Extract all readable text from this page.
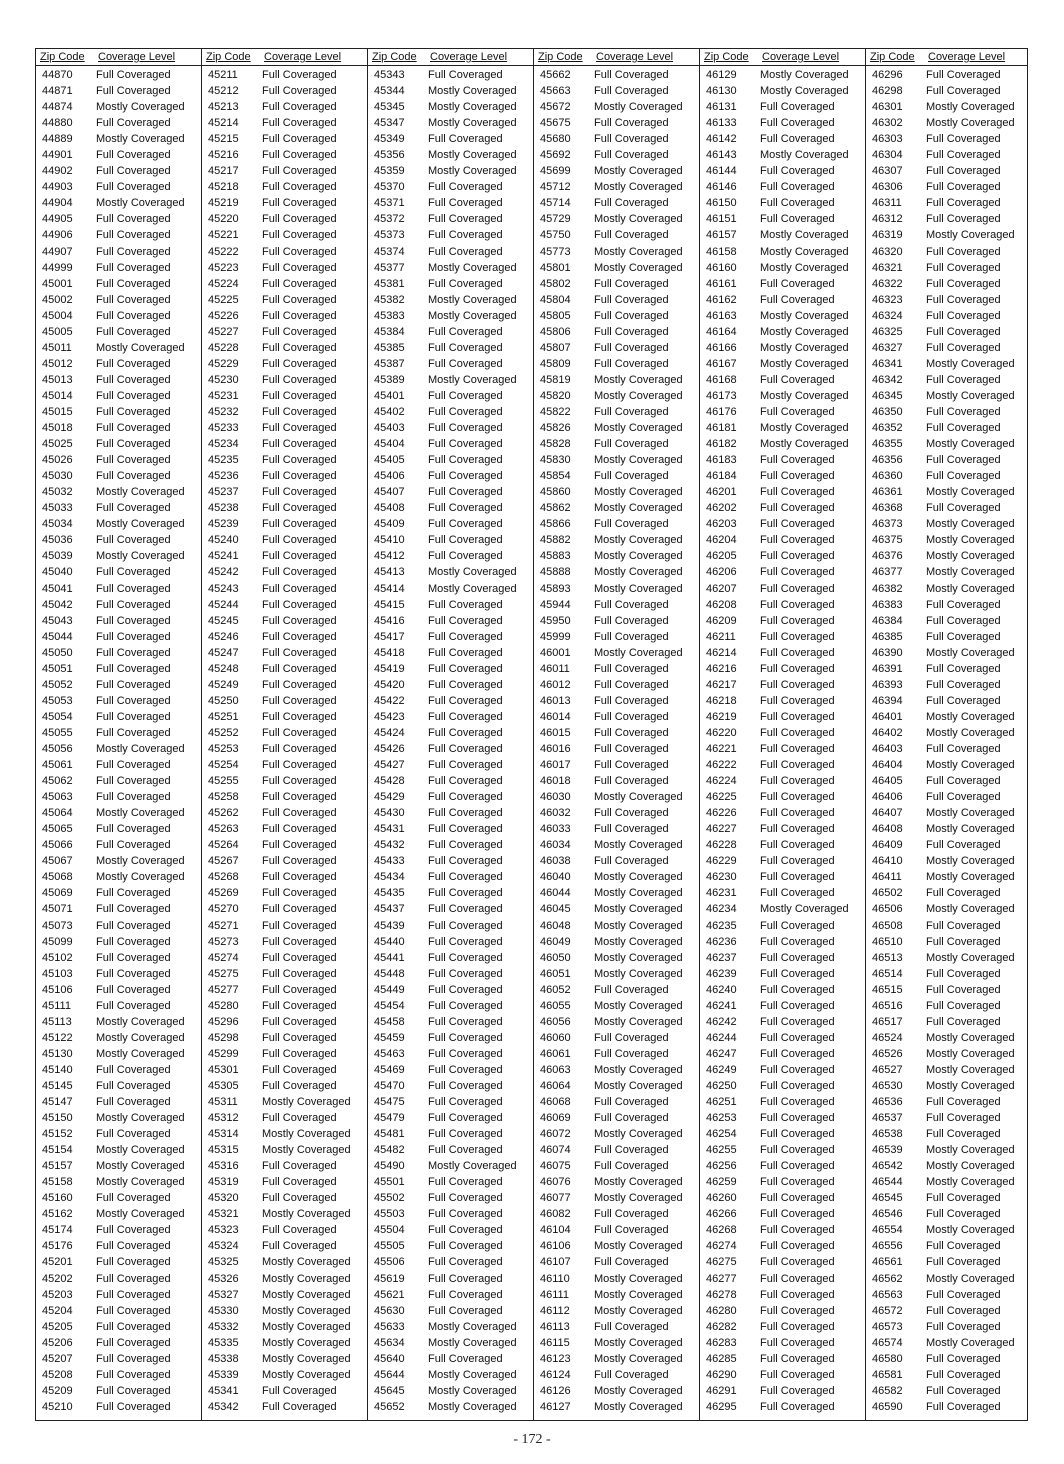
Zip Code	Coverage Level
44870	Full Coveraged
44871	Full Coveraged
44874	Mostly Coveraged
44880	Full Coveraged
44889	Mostly Coveraged
44901	Full Coveraged
44902	Full Coveraged
44903	Full Coveraged
44904	Mostly Coveraged
44905	Full Coveraged
44906	Full Coveraged
44907	Full Coveraged
44999	Full Coveraged
45001	Full Coveraged
45002	Full Coveraged
45004	Full Coveraged
45005	Full Coveraged
45011	Mostly Coveraged
45012	Full Coveraged
45013	Full Coveraged
45014	Full Coveraged
45015	Full Coveraged
45018	Full Coveraged
45025	Full Coveraged
45026	Full Coveraged
45030	Full Coveraged
45032	Mostly Coveraged
45033	Full Coveraged
45034	Mostly Coveraged
45036	Full Coveraged
45039	Mostly Coveraged
45040	Full Coveraged
45041	Full Coveraged
45042	Full Coveraged
45043	Full Coveraged
45044	Full Coveraged
45050	Full Coveraged
45051	Full Coveraged
45052	Full Coveraged
45053	Full Coveraged
45054	Full Coveraged
45055	Full Coveraged
45056	Mostly Coveraged
45061	Full Coveraged
45062	Full Coveraged
45063	Full Coveraged
45064	Mostly Coveraged
45065	Full Coveraged
45066	Full Coveraged
45067	Mostly Coveraged
45068	Mostly Coveraged
45069	Full Coveraged
45071	Full Coveraged
45073	Full Coveraged
45099	Full Coveraged
45102	Full Coveraged
45103	Full Coveraged
45106	Full Coveraged
45111	Full Coveraged
45113	Mostly Coveraged
45122	Mostly Coveraged
45130	Mostly Coveraged
45140	Full Coveraged
45145	Full Coveraged
45147	Full Coveraged
45150	Mostly Coveraged
45152	Full Coveraged
45154	Mostly Coveraged
45157	Mostly Coveraged
45158	Mostly Coveraged
45160	Full Coveraged
45162	Mostly Coveraged
45174	Full Coveraged
45176	Full Coveraged
45201	Full Coveraged
45202	Full Coveraged
45203	Full Coveraged
45204	Full Coveraged
45205	Full Coveraged
45206	Full Coveraged
45207	Full Coveraged
45208	Full Coveraged
45209	Full Coveraged
45210	Full Coveraged
Zip Code	Coverage Level
45211	Full Coveraged
45212	Full Coveraged
45213	Full Coveraged
45214	Full Coveraged
45215	Full Coveraged
45216	Full Coveraged
45217	Full Coveraged
45218	Full Coveraged
45219	Full Coveraged
45220	Full Coveraged
45221	Full Coveraged
45222	Full Coveraged
45223	Full Coveraged
45224	Full Coveraged
45225	Full Coveraged
45226	Full Coveraged
45227	Full Coveraged
45228	Full Coveraged
45229	Full Coveraged
45230	Full Coveraged
45231	Full Coveraged
45232	Full Coveraged
45233	Full Coveraged
45234	Full Coveraged
45235	Full Coveraged
45236	Full Coveraged
45237	Full Coveraged
45238	Full Coveraged
45239	Full Coveraged
45240	Full Coveraged
45241	Full Coveraged
45242	Full Coveraged
45243	Full Coveraged
45244	Full Coveraged
45245	Full Coveraged
45246	Full Coveraged
45247	Full Coveraged
45248	Full Coveraged
45249	Full Coveraged
45250	Full Coveraged
45251	Full Coveraged
45252	Full Coveraged
45253	Full Coveraged
45254	Full Coveraged
45255	Full Coveraged
45258	Full Coveraged
45262	Full Coveraged
45263	Full Coveraged
45264	Full Coveraged
45267	Full Coveraged
45268	Full Coveraged
45269	Full Coveraged
45270	Full Coveraged
45271	Full Coveraged
45273	Full Coveraged
45274	Full Coveraged
45275	Full Coveraged
45277	Full Coveraged
45280	Full Coveraged
45296	Full Coveraged
45298	Full Coveraged
45299	Full Coveraged
45301	Full Coveraged
45305	Full Coveraged
45311	Mostly Coveraged
45312	Full Coveraged
45314	Mostly Coveraged
45315	Mostly Coveraged
45316	Full Coveraged
45319	Full Coveraged
45320	Full Coveraged
45321	Mostly Coveraged
45323	Full Coveraged
45324	Full Coveraged
45325	Mostly Coveraged
45326	Mostly Coveraged
45327	Mostly Coveraged
45330	Mostly Coveraged
45332	Mostly Coveraged
45335	Mostly Coveraged
45338	Mostly Coveraged
45339	Mostly Coveraged
45341	Full Coveraged
45342	Full Coveraged
Zip Code	Coverage Level
45343	Full Coveraged
45344	Mostly Coveraged
45345	Mostly Coveraged
45347	Mostly Coveraged
45349	Full Coveraged
45356	Mostly Coveraged
45359	Mostly Coveraged
45370	Full Coveraged
45371	Full Coveraged
45372	Full Coveraged
45373	Full Coveraged
45374	Full Coveraged
45377	Mostly Coveraged
45381	Full Coveraged
45382	Mostly Coveraged
45383	Mostly Coveraged
45384	Full Coveraged
45385	Full Coveraged
45387	Full Coveraged
45389	Mostly Coveraged
45401	Full Coveraged
45402	Full Coveraged
45403	Full Coveraged
45404	Full Coveraged
45405	Full Coveraged
45406	Full Coveraged
45407	Full Coveraged
45408	Full Coveraged
45409	Full Coveraged
45410	Full Coveraged
45412	Full Coveraged
45413	Mostly Coveraged
45414	Mostly Coveraged
45415	Full Coveraged
45416	Full Coveraged
45417	Full Coveraged
45418	Full Coveraged
45419	Full Coveraged
45420	Full Coveraged
45422	Full Coveraged
45423	Full Coveraged
45424	Full Coveraged
45426	Full Coveraged
45427	Full Coveraged
45428	Full Coveraged
45429	Full Coveraged
45430	Full Coveraged
45431	Full Coveraged
45432	Full Coveraged
45433	Full Coveraged
45434	Full Coveraged
45435	Full Coveraged
45437	Full Coveraged
45439	Full Coveraged
45440	Full Coveraged
45441	Full Coveraged
45448	Full Coveraged
45449	Full Coveraged
45454	Full Coveraged
45458	Full Coveraged
45459	Full Coveraged
45463	Full Coveraged
45469	Full Coveraged
45470	Full Coveraged
45475	Full Coveraged
45479	Full Coveraged
45481	Full Coveraged
45482	Full Coveraged
45490	Mostly Coveraged
45501	Full Coveraged
45502	Full Coveraged
45503	Full Coveraged
45504	Full Coveraged
45505	Full Coveraged
45506	Full Coveraged
45619	Full Coveraged
45621	Full Coveraged
45630	Full Coveraged
45633	Mostly Coveraged
45634	Mostly Coveraged
45640	Full Coveraged
45644	Mostly Coveraged
45645	Mostly Coveraged
45652	Mostly Coveraged
Zip Code	Coverage Level
45662	Full Coveraged
45663	Full Coveraged
45672	Mostly Coveraged
45675	Full Coveraged
45680	Full Coveraged
45692	Full Coveraged
45699	Mostly Coveraged
45712	Mostly Coveraged
45714	Full Coveraged
45729	Mostly Coveraged
45750	Full Coveraged
45773	Mostly Coveraged
45801	Mostly Coveraged
45802	Full Coveraged
45804	Full Coveraged
45805	Full Coveraged
45806	Full Coveraged
45807	Full Coveraged
45809	Full Coveraged
45819	Mostly Coveraged
45820	Mostly Coveraged
45822	Full Coveraged
45826	Mostly Coveraged
45828	Full Coveraged
45830	Mostly Coveraged
45854	Full Coveraged
45860	Mostly Coveraged
45862	Mostly Coveraged
45866	Full Coveraged
45882	Mostly Coveraged
45883	Mostly Coveraged
45888	Mostly Coveraged
45893	Mostly Coveraged
45944	Full Coveraged
45950	Full Coveraged
45999	Full Coveraged
46001	Mostly Coveraged
46011	Full Coveraged
46012	Full Coveraged
46013	Full Coveraged
46014	Full Coveraged
46015	Full Coveraged
46016	Full Coveraged
46017	Full Coveraged
46018	Full Coveraged
46030	Mostly Coveraged
46032	Full Coveraged
46033	Full Coveraged
46034	Mostly Coveraged
46038	Full Coveraged
46040	Mostly Coveraged
46044	Mostly Coveraged
46045	Mostly Coveraged
46048	Mostly Coveraged
46049	Mostly Coveraged
46050	Mostly Coveraged
46051	Mostly Coveraged
46052	Full Coveraged
46055	Mostly Coveraged
46056	Mostly Coveraged
46060	Full Coveraged
46061	Full Coveraged
46063	Mostly Coveraged
46064	Mostly Coveraged
46068	Full Coveraged
46069	Full Coveraged
46072	Mostly Coveraged
46074	Full Coveraged
46075	Full Coveraged
46076	Mostly Coveraged
46077	Mostly Coveraged
46082	Full Coveraged
46104	Full Coveraged
46106	Mostly Coveraged
46107	Full Coveraged
46110	Mostly Coveraged
46111	Mostly Coveraged
46112	Mostly Coveraged
46113	Full Coveraged
46115	Mostly Coveraged
46123	Mostly Coveraged
46124	Full Coveraged
46126	Mostly Coveraged
46127	Mostly Coveraged
Zip Code	Coverage Level
46129	Mostly Coveraged
46130	Mostly Coveraged
46131	Full Coveraged
46133	Full Coveraged
46142	Full Coveraged
46143	Mostly Coveraged
46144	Full Coveraged
46146	Full Coveraged
46150	Full Coveraged
46151	Full Coveraged
46157	Mostly Coveraged
46158	Mostly Coveraged
46160	Mostly Coveraged
46161	Full Coveraged
46162	Full Coveraged
46163	Mostly Coveraged
46164	Mostly Coveraged
46166	Mostly Coveraged
46167	Mostly Coveraged
46168	Full Coveraged
46173	Mostly Coveraged
46176	Full Coveraged
46181	Mostly Coveraged
46182	Mostly Coveraged
46183	Full Coveraged
46184	Full Coveraged
46201	Full Coveraged
46202	Full Coveraged
46203	Full Coveraged
46204	Full Coveraged
46205	Full Coveraged
46206	Full Coveraged
46207	Full Coveraged
46208	Full Coveraged
46209	Full Coveraged
46211	Full Coveraged
46214	Full Coveraged
46216	Full Coveraged
46217	Full Coveraged
46218	Full Coveraged
46219	Full Coveraged
46220	Full Coveraged
46221	Full Coveraged
46222	Full Coveraged
46224	Full Coveraged
46225	Full Coveraged
46226	Full Coveraged
46227	Full Coveraged
46228	Full Coveraged
46229	Full Coveraged
46230	Full Coveraged
46231	Full Coveraged
46234	Mostly Coveraged
46235	Full Coveraged
46236	Full Coveraged
46237	Full Coveraged
46239	Full Coveraged
46240	Full Coveraged
46241	Full Coveraged
46242	Full Coveraged
46244	Full Coveraged
46247	Full Coveraged
46249	Full Coveraged
46250	Full Coveraged
46251	Full Coveraged
46253	Full Coveraged
46254	Full Coveraged
46255	Full Coveraged
46256	Full Coveraged
46259	Full Coveraged
46260	Full Coveraged
46266	Full Coveraged
46268	Full Coveraged
46274	Full Coveraged
46275	Full Coveraged
46277	Full Coveraged
46278	Full Coveraged
46280	Full Coveraged
46282	Full Coveraged
46283	Full Coveraged
46285	Full Coveraged
46290	Full Coveraged
46291	Full Coveraged
46295	Full Coveraged
Zip Code	Coverage Level
46296	Full Coveraged
46298	Full Coveraged
46301	Mostly Coveraged
46302	Mostly Coveraged
46303	Full Coveraged
46304	Full Coveraged
46307	Full Coveraged
46306	Full Coveraged
46311	Full Coveraged
46312	Full Coveraged
46319	Mostly Coveraged
46320	Full Coveraged
46321	Full Coveraged
46322	Full Coveraged
46323	Full Coveraged
46324	Full Coveraged
46325	Full Coveraged
46327	Full Coveraged
46341	Mostly Coveraged
46342	Full Coveraged
46345	Mostly Coveraged
46350	Full Coveraged
46352	Full Coveraged
46355	Mostly Coveraged
46356	Full Coveraged
46360	Full Coveraged
46361	Mostly Coveraged
46368	Full Coveraged
46373	Mostly Coveraged
46375	Mostly Coveraged
46376	Mostly Coveraged
46377	Mostly Coveraged
46382	Mostly Coveraged
46383	Full Coveraged
46384	Full Coveraged
46385	Full Coveraged
46390	Mostly Coveraged
46391	Full Coveraged
46393	Full Coveraged
46394	Full Coveraged
46401	Mostly Coveraged
46402	Mostly Coveraged
46403	Full Coveraged
46404	Mostly Coveraged
46405	Full Coveraged
46406	Full Coveraged
46407	Mostly Coveraged
46408	Mostly Coveraged
46409	Full Coveraged
46410	Mostly Coveraged
46411	Mostly Coveraged
46502	Full Coveraged
46506	Mostly Coveraged
46508	Full Coveraged
46510	Full Coveraged
46513	Mostly Coveraged
46514	Full Coveraged
46515	Full Coveraged
46516	Full Coveraged
46517	Full Coveraged
46524	Mostly Coveraged
46526	Mostly Coveraged
46527	Mostly Coveraged
46530	Mostly Coveraged
46536	Full Coveraged
46537	Full Coveraged
46538	Full Coveraged
46539	Mostly Coveraged
46542	Mostly Coveraged
46544	Mostly Coveraged
46545	Full Coveraged
46546	Full Coveraged
46554	Mostly Coveraged
46556	Full Coveraged
46561	Full Coveraged
46562	Mostly Coveraged
46563	Full Coveraged
46572	Full Coveraged
46573	Full Coveraged
46574	Mostly Coveraged
46580	Full Coveraged
46581	Full Coveraged
46582	Full Coveraged
46590	Full Coveraged
- 172 -
